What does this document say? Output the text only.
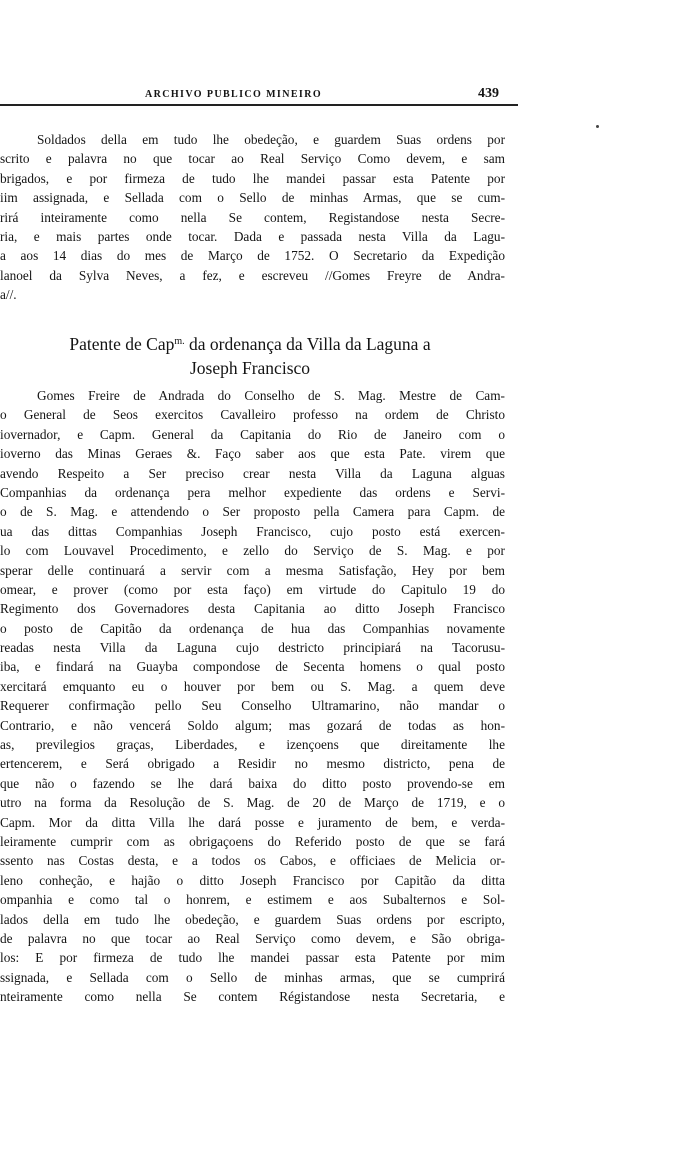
ARCHIVO PUBLICO MINEIRO	439
Soldados della em tudo lhe obedeção, e guardem Suas ordens por
scrito e palavra no que tocar ao Real Serviço Como devem, e sam
brigados, e por firmeza de tudo lhe mandei passar esta Patente por
iim assignada, e Sellada com o Sello de minhas Armas, que se cum-
rirá inteiramente como nella Se contem, Registandose nesta Secre-
ria, e mais partes onde tocar. Dada e passada nesta Villa da Lagu-
a aos 14 dias do mes de Março de 1752. O Secretario da Expedição
lanoel da Sylva Neves, a fez, e escreveu //Gomes Freyre de Andra-
a//.
Patente de Cap$^{m.}$ da ordenança da Villa da Laguna a
Joseph Francisco
Gomes Freire de Andrada do Conselho de S. Mag. Mestre de Cam-
o General de Seos exercitos Cavalleiro professo na ordem de Christo
iovernador, e Capm. General da Capitania do Rio de Janeiro com o
ioverno das Minas Geraes &. Faço saber aos que esta Pate. virem que
avendo Respeito a Ser preciso crear nesta Villa da Laguna alguas
Companhias da ordenança pera melhor expediente das ordens e Servi-
o de S. Mag. e attendendo o Ser proposto pella Camera para Capm. de
ua das dittas Companhias Joseph Francisco, cujo posto está exercen-
lo com Louvavel Procedimento, e zello do Serviço de S. Mag. e por
sperar delle continuará a servir com a mesma Satisfação, Hey por bem
omear, e prover (como por esta faço) em virtude do Capitulo 19 do
Regimento dos Governadores desta Capitania ao ditto Joseph Francisco
o posto de Capitão da ordenança de hua das Companhias novamente
readas nesta Villa da Laguna cujo destricto principiará na Tacorusu-
iba, e findará na Guayba compondose de Secenta homens o qual posto
xercitará emquanto eu o houver por bem ou S. Mag. a quem deve
Requerer confirmação pello Seu Conselho Ultramarino, não mandar o
Contrario, e não vencerá Soldo algum; mas gozará de todas as hon-
as, previlegios graças, Liberdades, e izençoens que direitamente lhe
ertencerem, e Será obrigado a Residir no mesmo districto, pena de
que não o fazendo se lhe dará baixa do ditto posto provendo-se em
utro na forma da Resolução de S. Mag. de 20 de Março de 1719, e o
Capm. Mor da ditta Villa lhe dará posse e juramento de bem, e verda-
leiramente cumprir com as obrigaçoens do Referido posto de que se fará
ssento nas Costas desta, e a todos os Cabos, e officiaes de Melicia or-
leno conheção, e hajão o ditto Joseph Francisco por Capitão da ditta
ompanhia e como tal o honrem, e estimem e aos Subalternos e Sol-
lados della em tudo lhe obedeção, e guardem Suas ordens por escripto,
de palavra no que tocar ao Real Serviço como devem, e São obriga-
los: E por firmeza de tudo lhe mandei passar esta Patente por mim
ssignada, e Sellada com o Sello de minhas armas, que se cumprirá
nteiramente como nella Se contem Régistandose nesta Secretaria, e
